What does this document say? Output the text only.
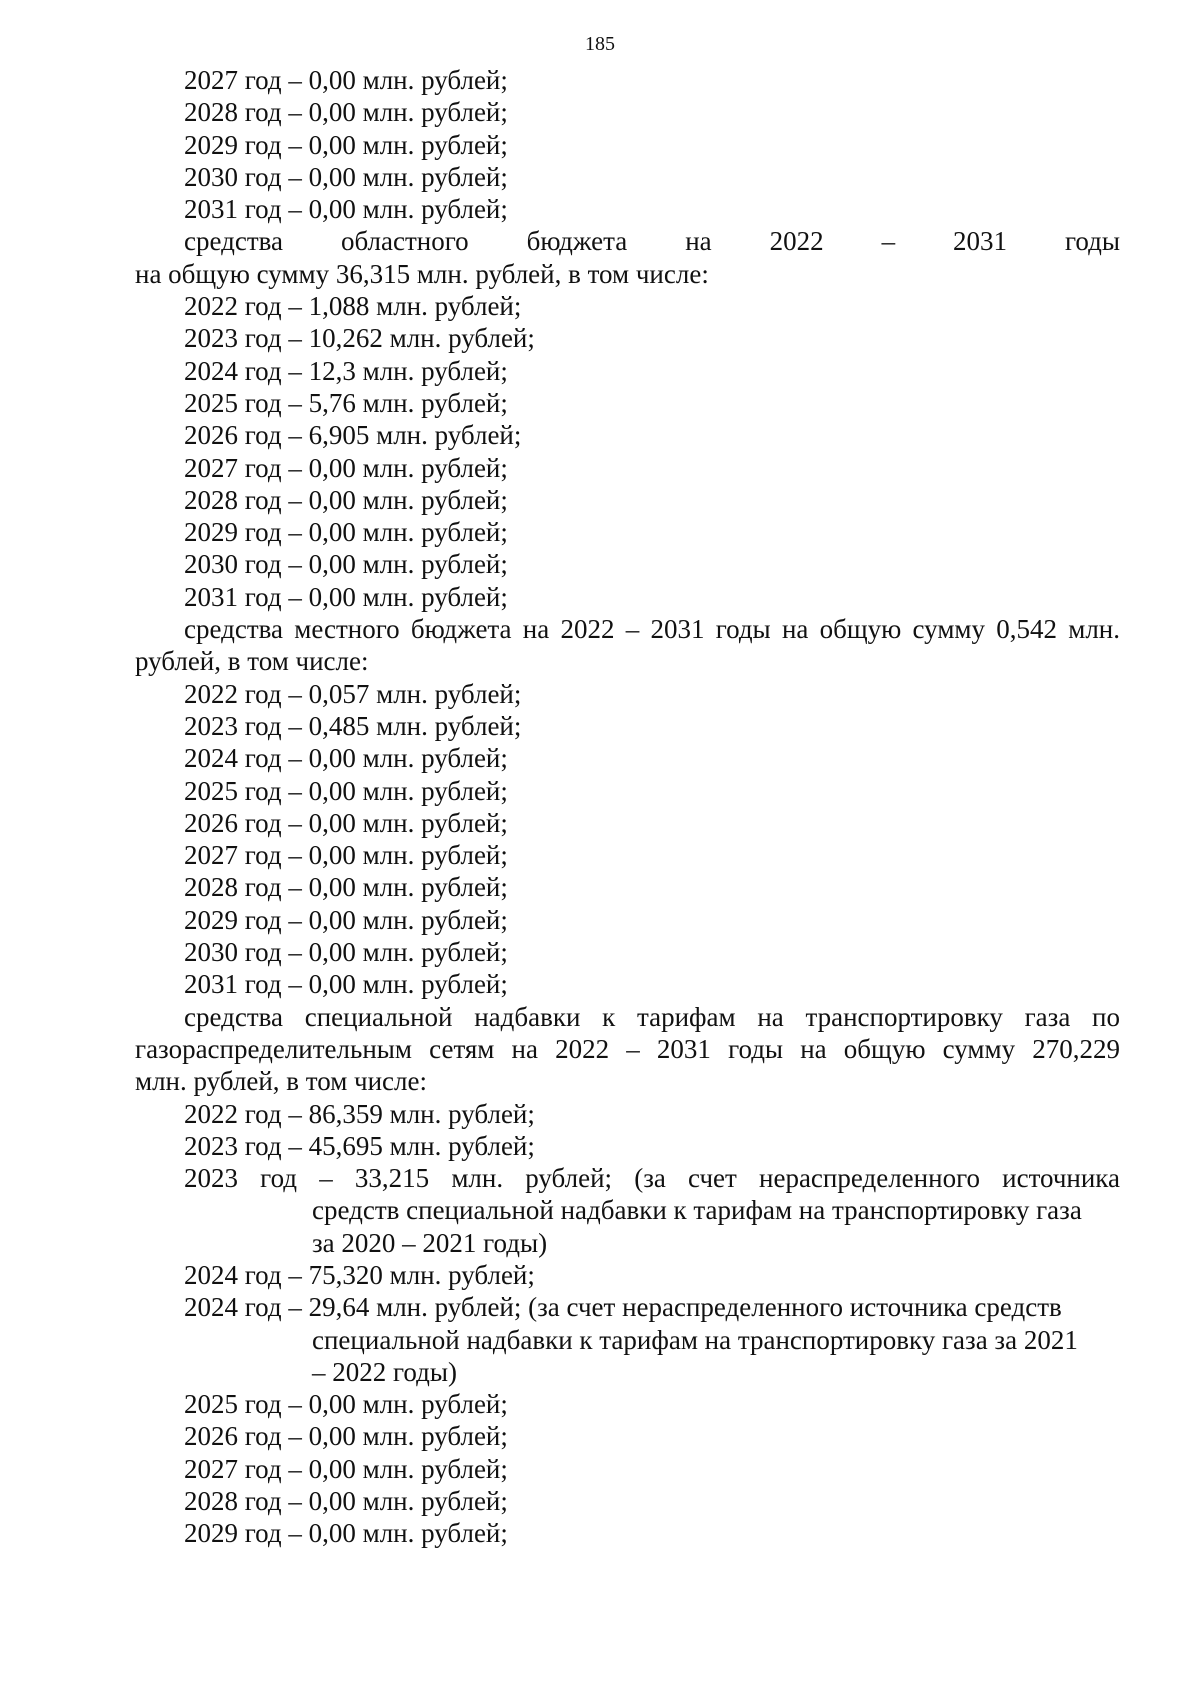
185
2027 год – 0,00 млн. рублей;
2028 год – 0,00 млн. рублей;
2029 год – 0,00 млн. рублей;
2030 год – 0,00 млн. рублей;
2031 год – 0,00 млн. рублей;
средства областного бюджета на 2022 – 2031 годы
на общую сумму 36,315 млн. рублей, в том числе:
2022 год – 1,088 млн. рублей;
2023 год – 10,262 млн. рублей;
2024 год – 12,3 млн. рублей;
2025 год – 5,76 млн. рублей;
2026 год – 6,905 млн. рублей;
2027 год – 0,00 млн. рублей;
2028 год – 0,00 млн. рублей;
2029 год – 0,00 млн. рублей;
2030 год – 0,00 млн. рублей;
2031 год – 0,00 млн. рублей;
средства местного бюджета на 2022 – 2031 годы на общую сумму 0,542 млн.
рублей, в том числе:
2022 год – 0,057 млн. рублей;
2023 год – 0,485 млн. рублей;
2024 год – 0,00 млн. рублей;
2025 год – 0,00 млн. рублей;
2026 год – 0,00 млн. рублей;
2027 год – 0,00 млн. рублей;
2028 год – 0,00 млн. рублей;
2029 год – 0,00 млн. рублей;
2030 год – 0,00 млн. рублей;
2031 год – 0,00 млн. рублей;
средства специальной надбавки к тарифам на транспортировку газа по
газораспределительным сетям на 2022 – 2031 годы на общую сумму 270,229
млн. рублей, в том числе:
2022 год – 86,359 млн. рублей;
2023 год – 45,695 млн. рублей;
2023 год – 33,215 млн. рублей; (за счет нераспределенного источника
средств специальной надбавки к тарифам на транспортировку газа
за 2020 – 2021 годы)
2024 год – 75,320 млн. рублей;
2024 год – 29,64 млн. рублей; (за счет нераспределенного источника средств
специальной надбавки к тарифам на транспортировку газа за 2021
– 2022 годы)
2025 год – 0,00 млн. рублей;
2026 год – 0,00 млн. рублей;
2027 год – 0,00 млн. рублей;
2028 год – 0,00 млн. рублей;
2029 год – 0,00 млн. рублей;
